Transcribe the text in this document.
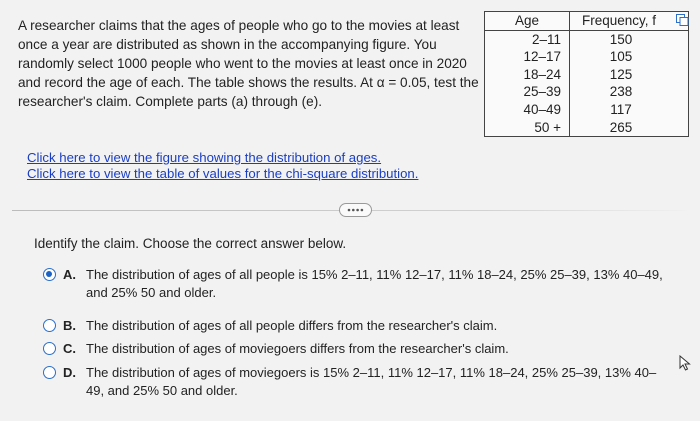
A researcher claims that the ages of people who go to the movies at least once a year are distributed as shown in the accompanying figure. You randomly select 1000 people who went to the movies at least once in 2020 and record the age of each. The table shows the results. At α = 0.05, test the researcher's claim. Complete parts (a) through (e).

Age	Frequency, f
2–11	150
12–17	105
18–24	125
25–39	238
40–49	117
50 +	265
Click here to view the figure showing the distribution of ages.
Click here to view the table of values for the chi-square distribution.

Identify the claim. Choose the correct answer below.

A. The distribution of ages of all people is 15% 2–11, 11% 12–17, 11% 18–24, 25% 25–39, 13% 40–49, and 25% 50 and older.
B. The distribution of ages of all people differs from the researcher's claim.
C. The distribution of ages of moviegoers differs from the researcher's claim.
D. The distribution of ages of moviegoers is 15% 2–11, 11% 12–17, 11% 18–24, 25% 25–39, 13% 40–49, and 25% 50 and older.
